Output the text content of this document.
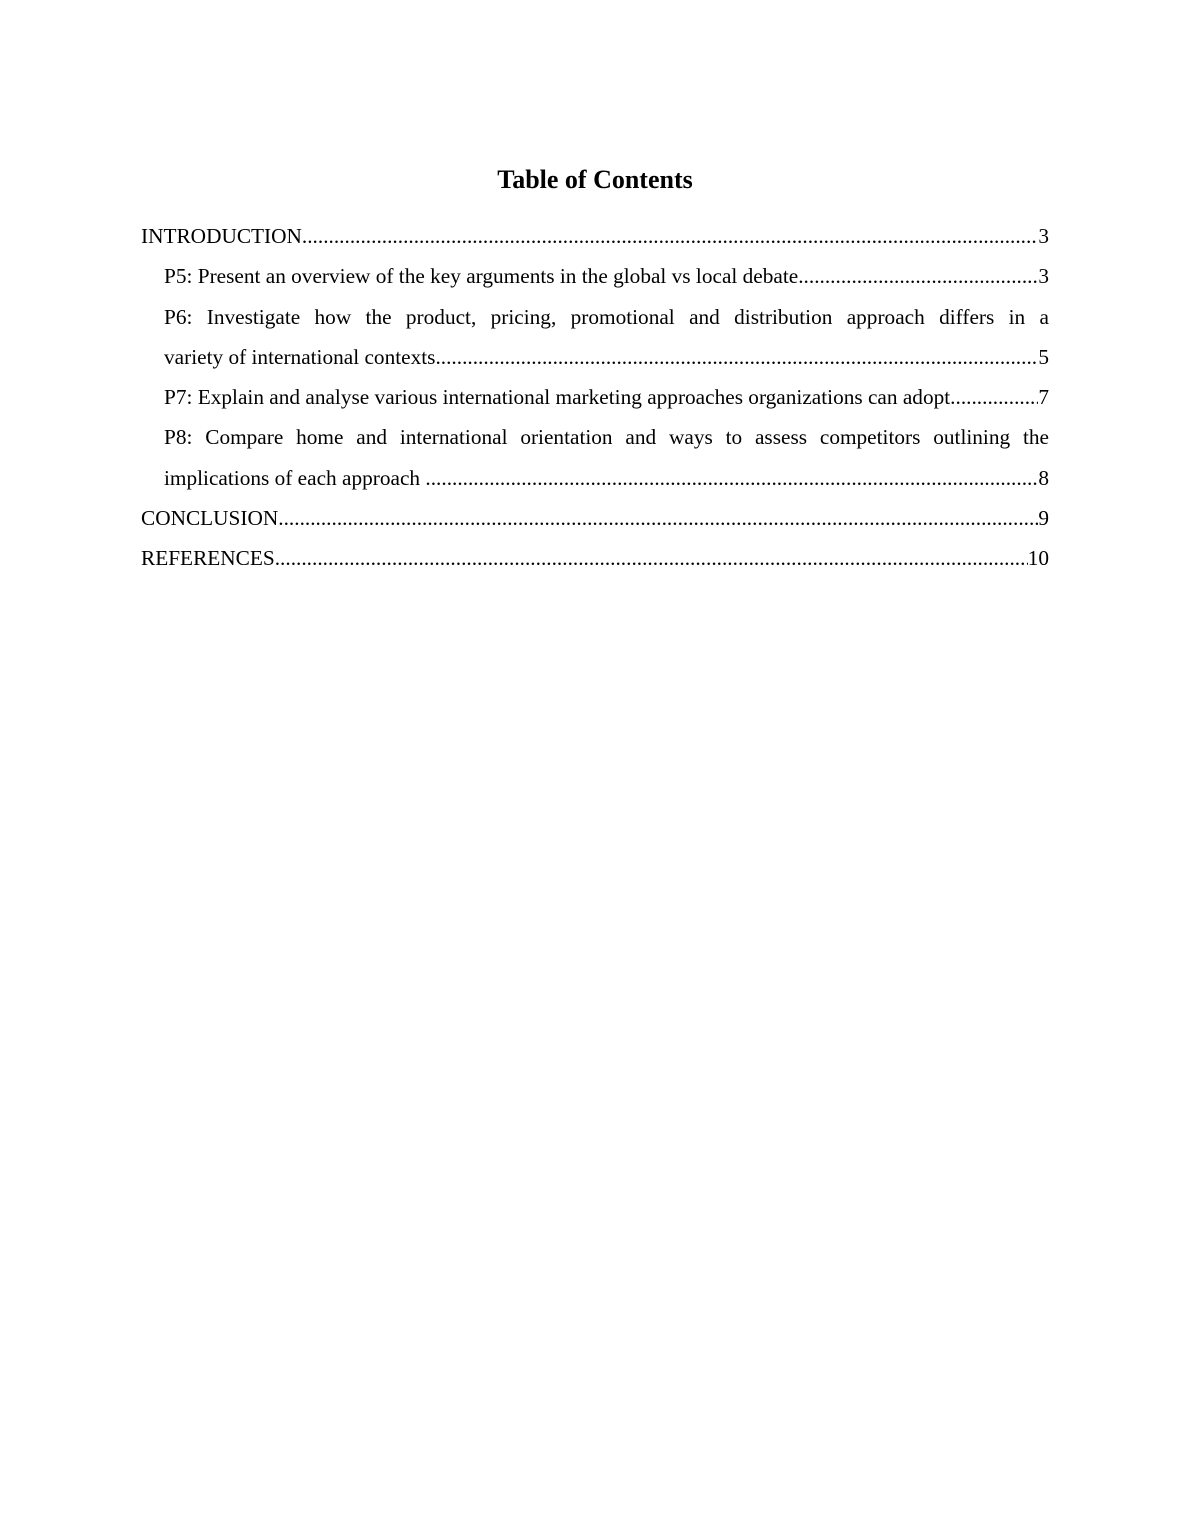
Table of Contents
INTRODUCTION .....	3
P5: Present an overview of the key arguments in the global vs local debate .....	3
P6: Investigate how the product, pricing, promotional and distribution approach differs in a
variety of international contexts .....	5
P7: Explain and analyse various international marketing approaches organizations can adopt .....	7
P8: Compare home and international orientation and ways to assess competitors outlining the
implications of each approach .....	8
CONCLUSION .....	9
REFERENCES .....	10
